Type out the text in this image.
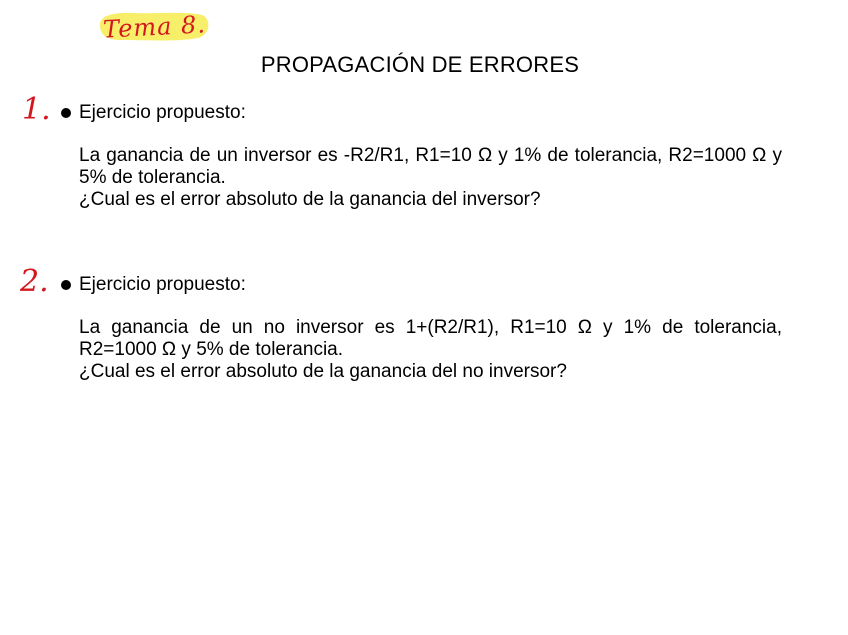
Tema 8.
PROPAGACIÓN DE ERRORES
1. Ejercicio propuesto:
La ganancia de un inversor es -R2/R1, R1=10 Ω y 1% de tolerancia, R2=1000 Ω y 5% de tolerancia.
¿Cual es el error absoluto de la ganancia del inversor?
2. Ejercicio propuesto:
La ganancia de un no inversor es 1+(R2/R1), R1=10 Ω y 1% de tolerancia, R2=1000 Ω y 5% de tolerancia.
¿Cual es el error absoluto de la ganancia del no inversor?
